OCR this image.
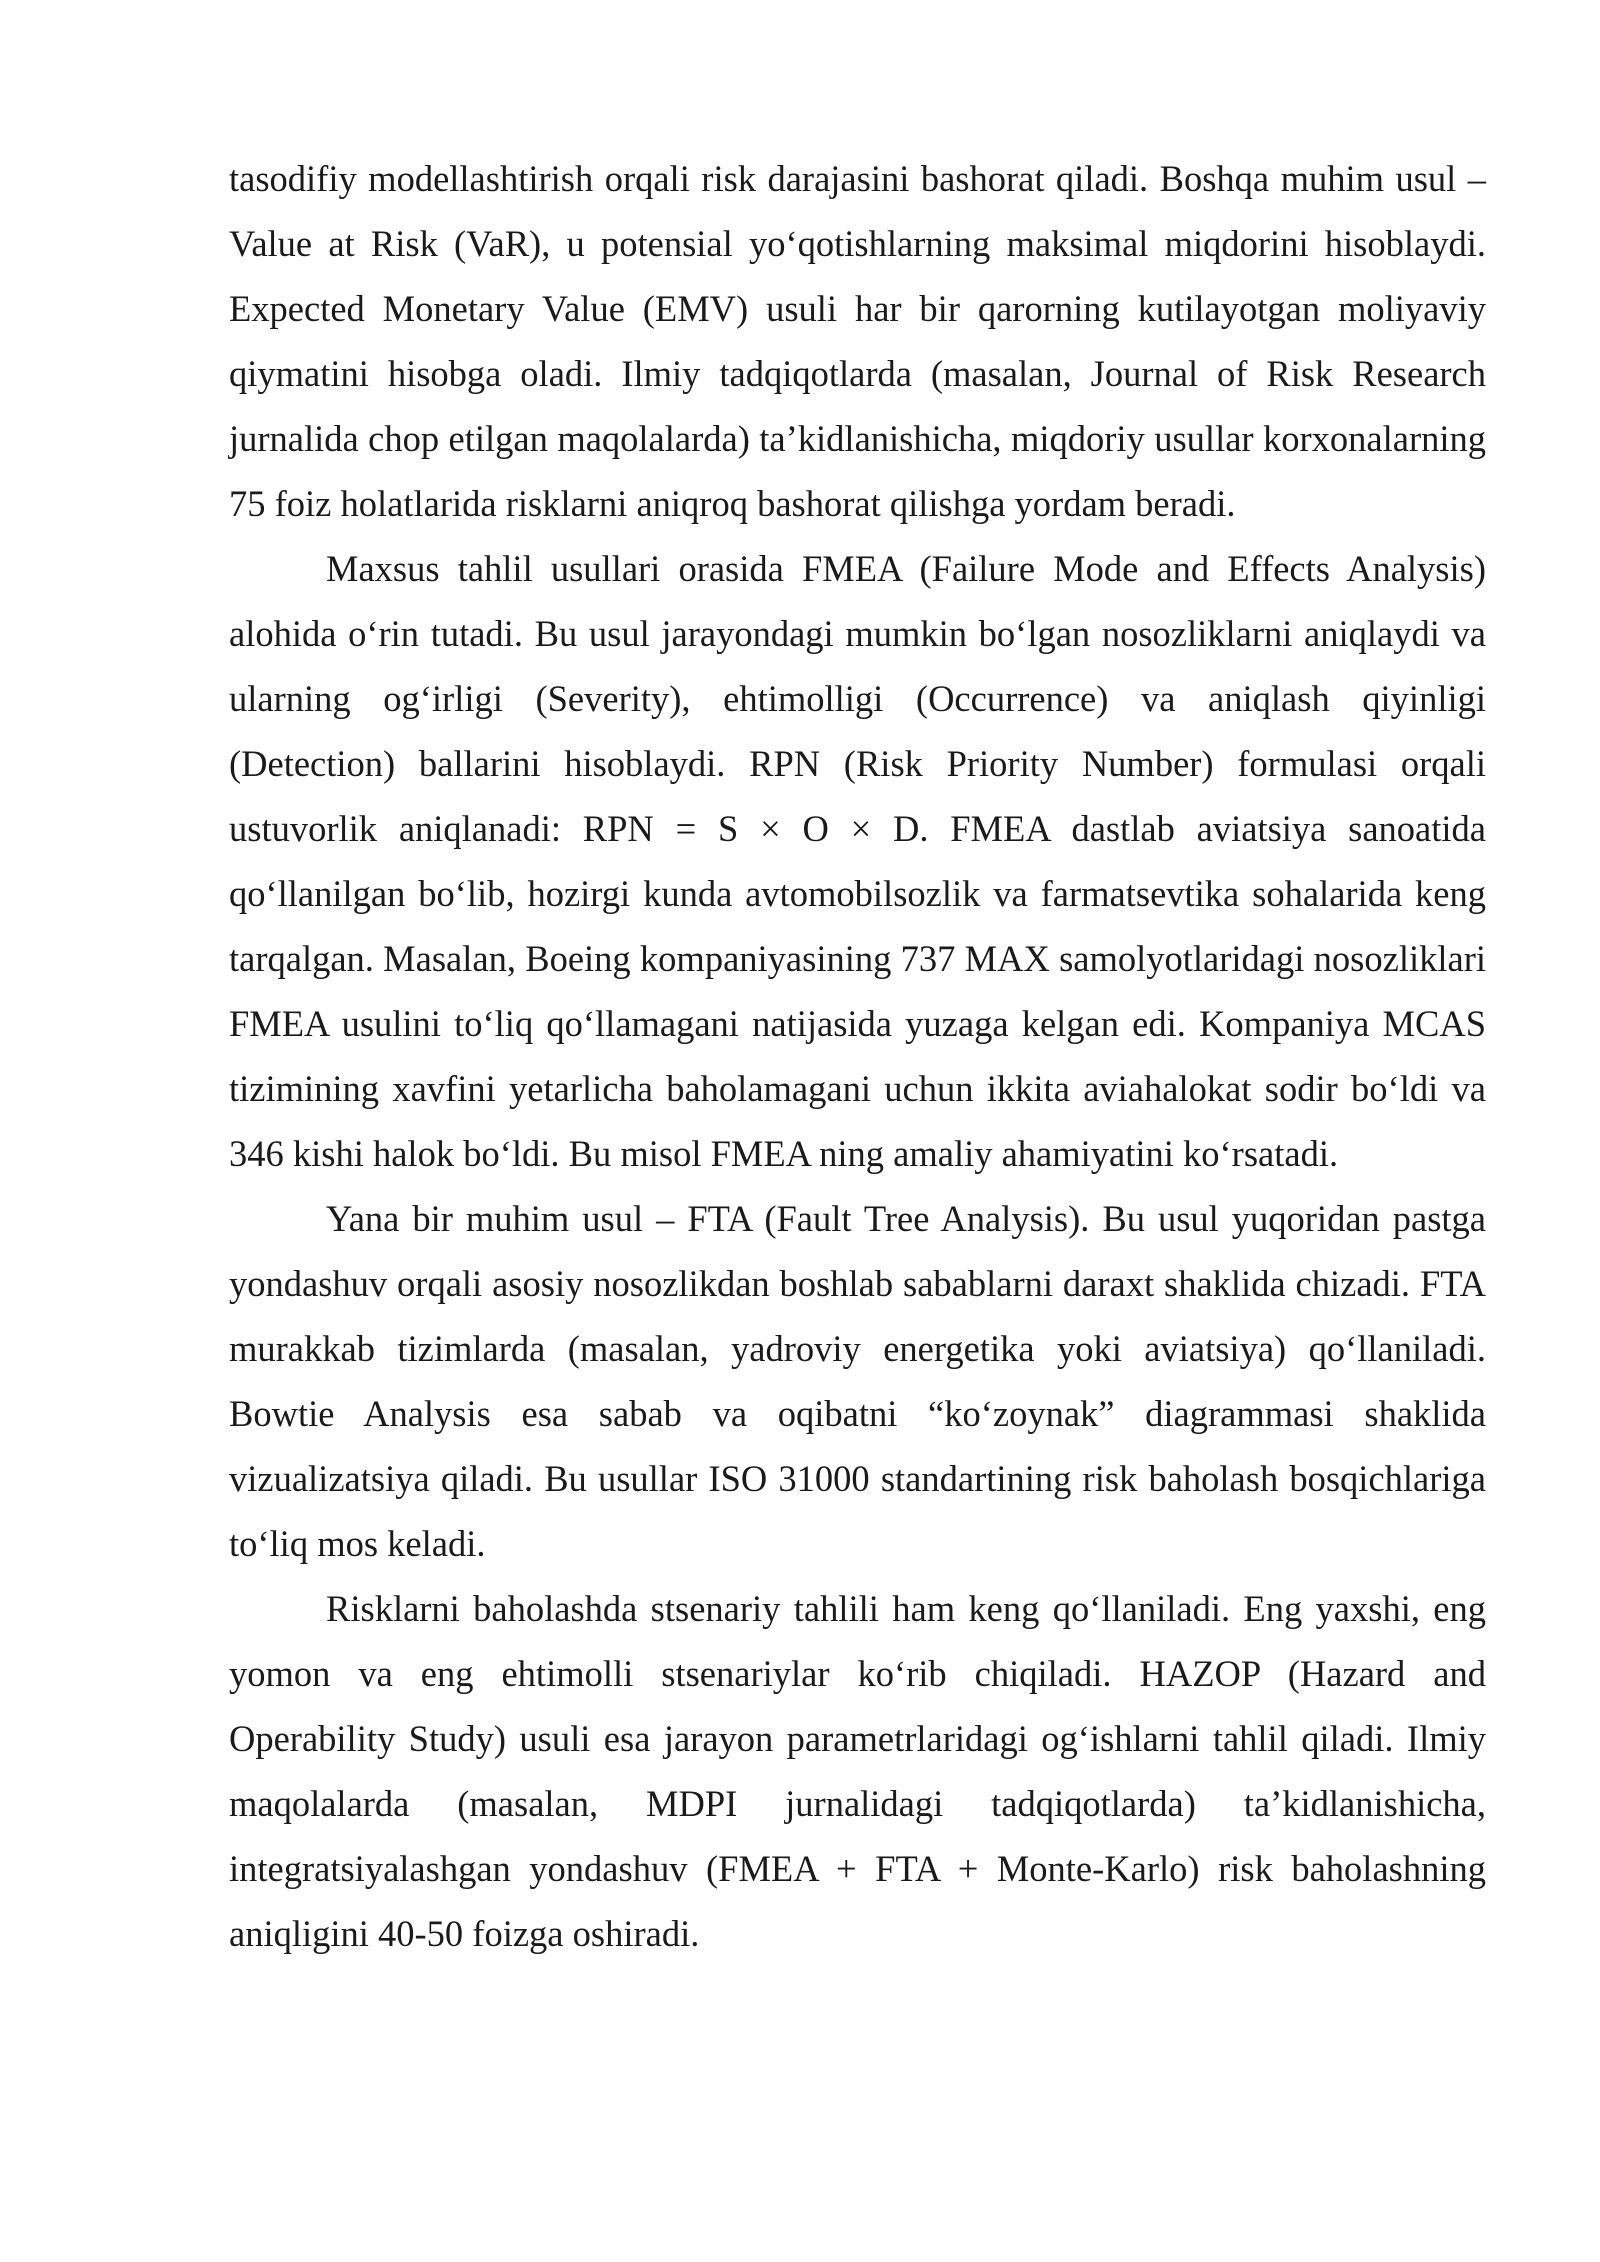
tasodifiy modellashtirish orqali risk darajasini bashorat qiladi. Boshqa muhim usul – Value at Risk (VaR), u potensial yo‘qotishlarning maksimal miqdorini hisoblaydi. Expected Monetary Value (EMV) usuli har bir qarorning kutilayotgan moliyaviy qiymatini hisobga oladi. Ilmiy tadqiqotlarda (masalan, Journal of Risk Research jurnalida chop etilgan maqolalarda) ta’kidlanishicha, miqdoriy usullar korxonalarning 75 foiz holatlarida risklarni aniqroq bashorat qilishga yordam beradi.

Maxsus tahlil usullari orasida FMEA (Failure Mode and Effects Analysis) alohida o‘rin tutadi. Bu usul jarayondagi mumkin bo‘lgan nosozliklarni aniqlaydi va ularning og‘irligi (Severity), ehtimolligi (Occurrence) va aniqlash qiyinligi (Detection) ballarini hisoblaydi. RPN (Risk Priority Number) formulasi orqali ustuvorlik aniqlanadi: RPN = S × O × D. FMEA dastlab aviatsiya sanoatida qo‘llanilgan bo‘lib, hozirgi kunda avtomobilsozlik va farmatsevtika sohalarida keng tarqalgan. Masalan, Boeing kompaniyasining 737 MAX samolyotlaridagi nosozliklari FMEA usulini to‘liq qo‘llamagani natijasida yuzaga kelgan edi. Kompaniya MCAS tizimining xavfini yetarlicha baholamagani uchun ikkita aviahalokat sodir bo‘ldi va 346 kishi halok bo‘ldi. Bu misol FMEA ning amaliy ahamiyatini ko‘rsatadi.

Yana bir muhim usul – FTA (Fault Tree Analysis). Bu usul yuqoridan pastga yondashuv orqali asosiy nosozlikdan boshlab sabablarni daraxt shaklida chizadi. FTA murakkab tizimlarda (masalan, yadroviy energetika yoki aviatsiya) qo‘llaniladi. Bowtie Analysis esa sabab va oqibatni “ko‘zoynak” diagrammasi shaklida vizualizatsiya qiladi. Bu usullar ISO 31000 standartining risk baholash bosqichlariga to‘liq mos keladi.

Risklarni baholashda stsenariy tahlili ham keng qo‘llaniladi. Eng yaxshi, eng yomon va eng ehtimolli stsenariylar ko‘rib chiqiladi. HAZOP (Hazard and Operability Study) usuli esa jarayon parametrlaridagi og‘ishlarni tahlil qiladi. Ilmiy maqolalarda (masalan, MDPI jurnalidagi tadqiqotlarda) ta’kidlanishicha, integratsiyalashgan yondashuv (FMEA + FTA + Monte-Karlo) risk baholashning aniqligini 40-50 foizga oshiradi.
